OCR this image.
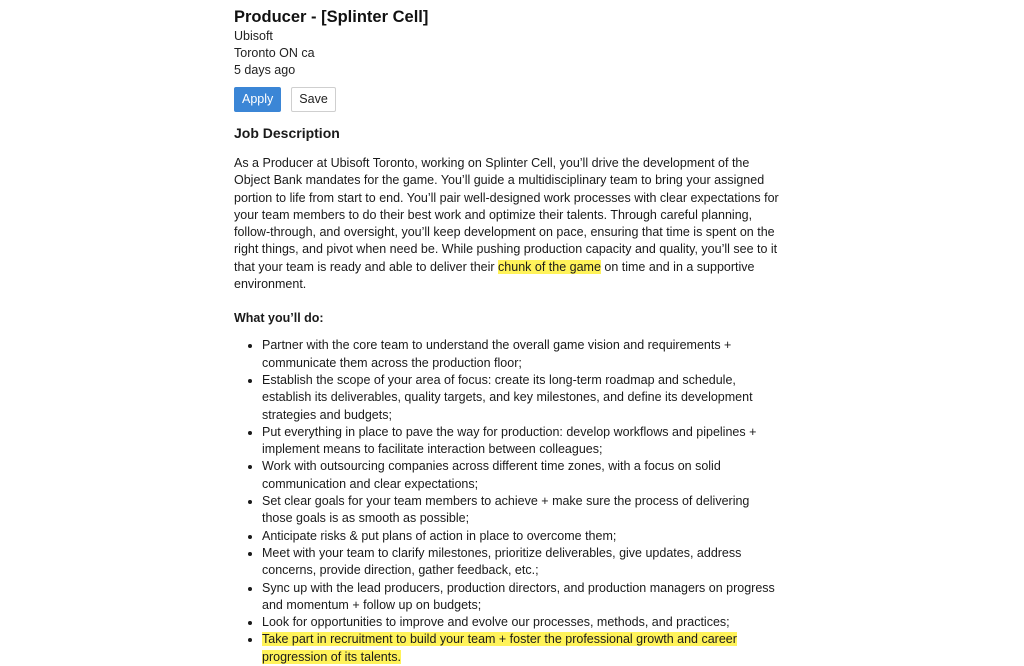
Producer - [Splinter Cell]

Ubisoft

Toronto ON ca

5 days ago

Apply	Save
Job Description

As a Producer at Ubisoft Toronto, working on Splinter Cell, you’ll drive the development of the Object Bank mandates for the game. You’ll guide a multidisciplinary team to bring your assigned portion to life from start to end. You’ll pair well-designed work processes with clear expectations for your team members to do their best work and optimize their talents. Through careful planning, follow-through, and oversight, you’ll keep development on pace, ensuring that time is spent on the right things, and pivot when need be. While pushing production capacity and quality, you’ll see to it that your team is ready and able to deliver their chunk of the game on time and in a supportive environment.

What you’ll do:

• Partner with the core team to understand the overall game vision and requirements + communicate them across the production floor;
• Establish the scope of your area of focus: create its long-term roadmap and schedule, establish its deliverables, quality targets, and key milestones, and define its development strategies and budgets;
• Put everything in place to pave the way for production: develop workflows and pipelines + implement means to facilitate interaction between colleagues;
• Work with outsourcing companies across different time zones, with a focus on solid communication and clear expectations;
• Set clear goals for your team members to achieve + make sure the process of delivering those goals is as smooth as possible;
• Anticipate risks & put plans of action in place to overcome them;
• Meet with your team to clarify milestones, prioritize deliverables, give updates, address concerns, provide direction, gather feedback, etc.;
• Sync up with the lead producers, production directors, and production managers on progress and momentum + follow up on budgets;
• Look for opportunities to improve and evolve our processes, methods, and practices;
• Take part in recruitment to build your team + foster the professional growth and career progression of its talents.
